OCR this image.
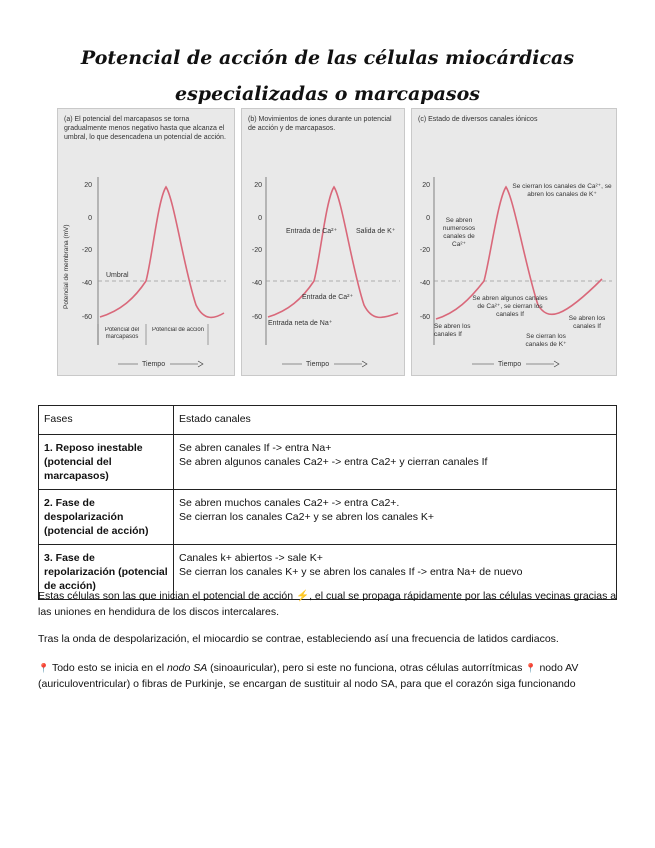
Potencial de acción de las células miocárdicas especializadas o marcapasos
(a) El potencial del marcapasos se torna gradualmente menos negativo hasta que alcanza el umbral, lo que desencadena un potencial de acción.
20
0
-20
-40
-60
Potencial de membrana (mV)	Umbral
Potencial del marcapasos
Potencial de acción
Tiempo
(b) Movimientos de iones durante un potencial de acción y de marcapasos.
20
0
-20
-40
-60
Entrada de Ca²⁺	Salida de K⁺
Entrada de Ca²⁺
Entrada neta de Na⁺
Tiempo
(c) Estado de diversos canales iónicos
20
0
-20
-40
-60
Se cierran los canales de Ca²⁺, se abren los canales de K⁺
Se abren numerosos canales de Ca²⁺
Se abren algunos canales de Ca²⁺, se cierran los canales If
Se abren los canales If	Se cierran los canales de K⁺
Se abren los canales If
Tiempo
Fases	Estado canales
1. Reposo inestable (potencial del marcapasos)	Se abren canales If -> entra Na+
Se abren algunos canales Ca2+ -> entra Ca2+ y cierran canales If

2. Fase de despolarización (potencial de acción)	Se abren muchos canales Ca2+ -> entra Ca2+.
Se cierran los canales Ca2+ y se abren los canales K+

3. Fase de repolarización (potencial de acción)	Canales k+ abiertos -> sale K+
Se cierran los canales K+ y se abren los canales If -> entra Na+ de nuevo
Estas células son las que inician el potencial de acción ⚡, el cual se propaga rápidamente por las células vecinas gracias a las uniones en hendidura de los discos intercalares.
Tras la onda de despolarización, el miocardio se contrae, estableciendo así una frecuencia de latidos cardiacos.
📍 Todo esto se inicia en el nodo SA (sinoauricular), pero si este no funciona, otras células autorrítmicas 📍 nodo AV (auriculoventricular) o fibras de Purkinje, se encargan de sustituir al nodo SA, para que el corazón siga funcionando
